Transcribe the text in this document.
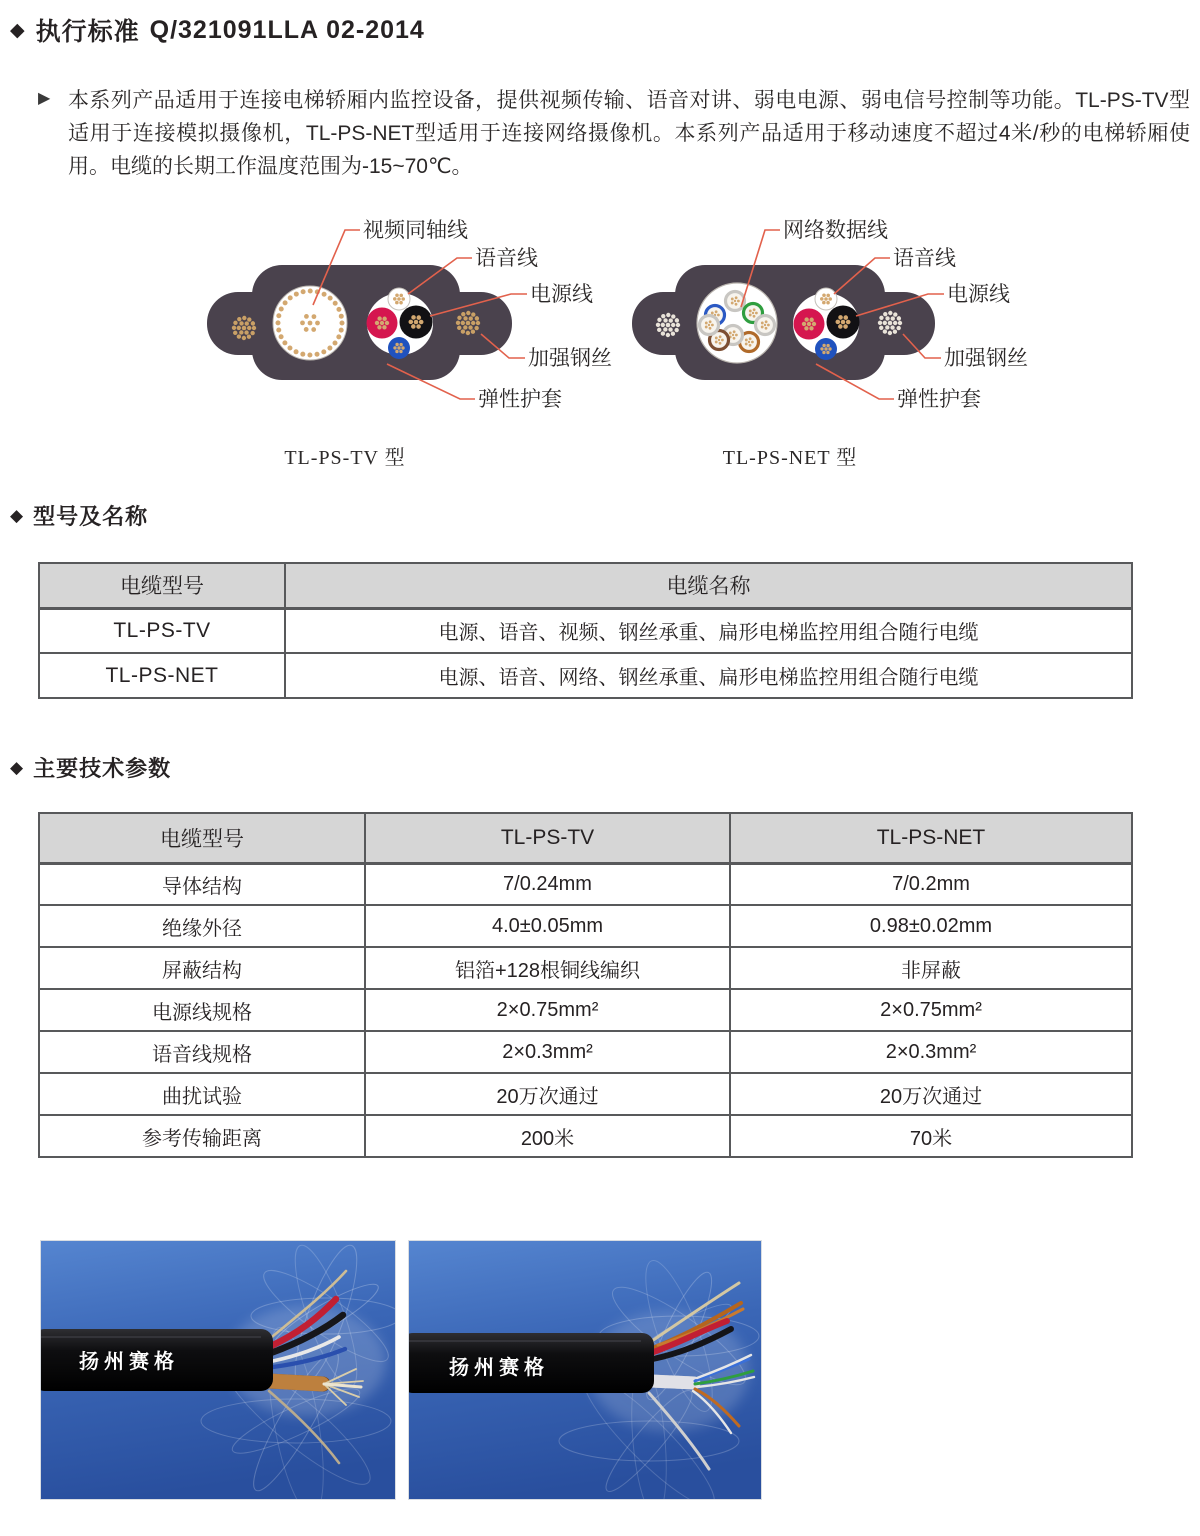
◆ 执行标准 Q/321091LLA 02-2014
▶ 本系列产品适用于连接电梯轿厢内监控设备，提供视频传输、语音对讲、弱电电源、弱电信号控制等功能。TL-PS-TV型适用于连接模拟摄像机，TL-PS-NET型适用于连接网络摄像机。本系列产品适用于移动速度不超过4米/秒的电梯轿厢使用。电缆的长期工作温度范围为-15~70℃。

视频同轴线
语音线
电源线
加强钢丝
弹性护套
TL-PS-TV 型
网络数据线
语音线
电源线
加强钢丝
弹性护套
TL-PS-NET 型
◆ 型号及名称
电缆型号	电缆名称
TL-PS-TV	电源、语音、视频、钢丝承重、扁形电梯监控用组合随行电缆
TL-PS-NET	电源、语音、网络、钢丝承重、扁形电梯监控用组合随行电缆
◆ 主要技术参数
电缆型号	TL-PS-TV	TL-PS-NET
导体结构	7/0.24mm	7/0.2mm
绝缘外径	4.0±0.05mm	0.98±0.02mm
屏蔽结构	铝箔+128根铜线编织	非屏蔽
电源线规格	2×0.75mm²	2×0.75mm²
语音线规格	2×0.3mm²	2×0.3mm²
曲扰试验	20万次通过	20万次通过
参考传输距离	200米	70米
扬州赛格	扬州赛格
